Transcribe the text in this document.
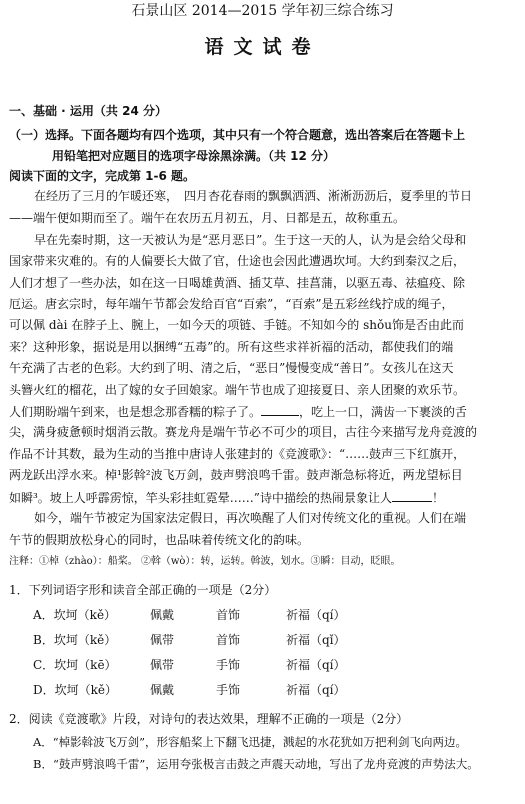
石景山区 2014—2015 学年初三综合练习
语文试卷
一、基础 · 运用（共 24 分）
（一）选择。下面各题均有四个选项，其中只有一个符合题意，选出答案后在答题卡上
用铅笔把对应题目的选项字母涂黑涂满。（共 12 分）
阅读下面的文字，完成第 1-6 题。
在经历了三月的乍暖还寒，　四月杏花春雨的飘飘洒洒、淅淅沥沥后，夏季里的节日
——端午便如期而至了。端午在农历五月初五，月、日都是五，故称重五。
早在先秦时期，这一天被认为是“恶月恶日”。生于这一天的人，认为是会给父母和
国家带来灾难的。有的人偏要长大做了官，仕途也会因此遭遇坎坷。大约到秦汉之后，
人们才想了一些办法，如在这一日喝雄黄酒、插艾草、挂菖蒲，以驱五毒、祛瘟疫、除
厄运。唐玄宗时，每年端午节都会发给百官“百索”，“百索”是五彩丝线拧成的绳子，
可以佩 dài 在脖子上、腕上，一如今天的项链、手链。不知如今的 shǒu饰是否由此而
来？这种形象，据说是用以捆缚“五毒”的。所有这些求祥祈福的活动，都使我们的端
午充满了古老的色彩。大约到了明、清之后，“恶日”慢慢变成“善日”。女孩儿在这天
头簪火红的榴花，出了嫁的女子回娘家。端午节也成了迎接夏日、亲人团聚的欢乐节。
人们期盼端午到来，也是想念那香糯的粽子了。	，吃上一口，满齿一下裹淡的舌
尖，满身疲惫顿时烟消云散。赛龙舟是端午节必不可少的项目，古往今来描写龙舟竞渡的
作品不计其数，最为生动的当推中唐诗人张建封的《竞渡歌》：“……鼓声三下红旗开，
两龙跃出浮水来。棹¹影斡²波飞万剑，鼓声劈浪鸣千雷。鼓声渐急标将近，两龙望标目
如瞬³。坡上人呼霹雳惊，竿头彩挂虹霓晕……”诗中描绘的热闹景象让人	！
如今，端午节被定为国家法定假日，再次唤醒了人们对传统文化的重视。人们在端
午节的假期放松身心的同时，也品味着传统文化的韵味。
注释：①棹（zhào）：船桨。 ②斡（wò）：转，运转。斡波，划水。③瞬：目动，眨眼。
1．下列词语字形和读音全部正确的一项是（2分）
A．坎坷（kě）	佩戴	首饰	祈福（qí）
B．坎坷（kě）	佩带	首饰	祈福（qǐ）
C．坎坷（kē）	佩带	手饰	祈福（qí）
D．坎坷（kě）	佩戴	手饰	祈福（qí）
2．阅读《竞渡歌》片段，对诗句的表达效果，理解不正确的一项是（2分）
A．“棹影斡波飞万剑”，形容船桨上下翻飞迅捷，溅起的水花犹如万把利剑飞向两边。
B．“鼓声劈浪鸣千雷”，运用夸张极言击鼓之声震天动地，写出了龙舟竞渡的声势法大。
